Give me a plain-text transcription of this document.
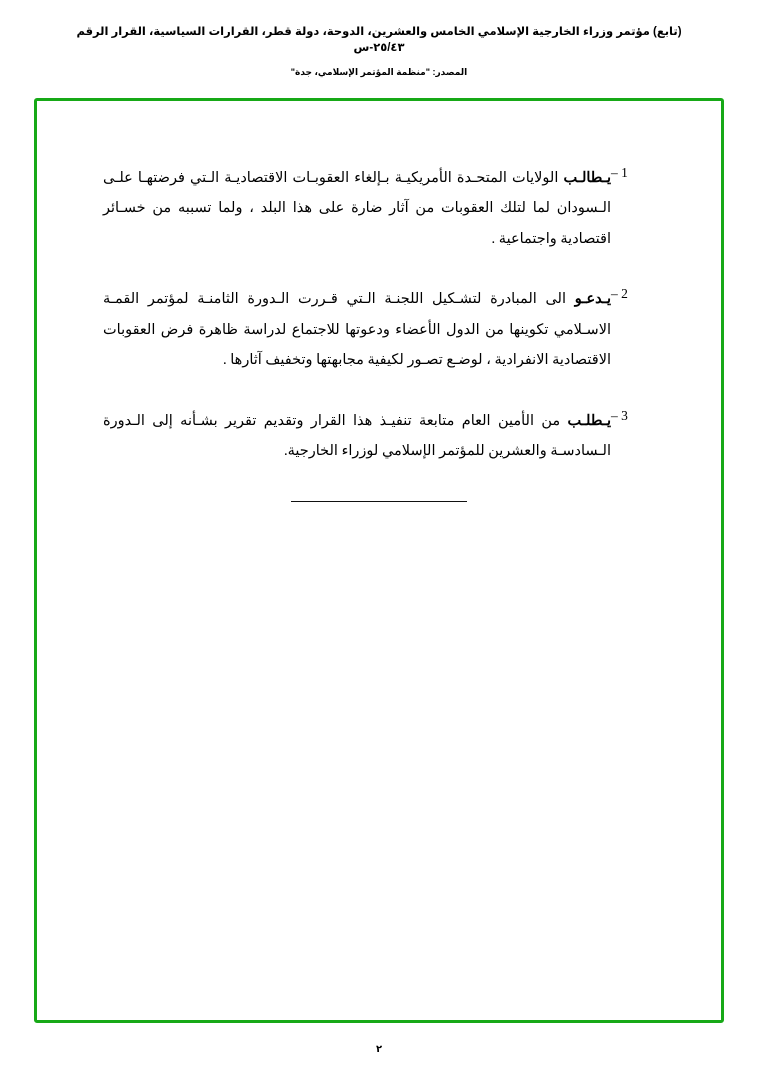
(تابع) مؤتمر وزراء الخارجية الإسلامي الخامس والعشرين، الدوحة، دولة قطر، القرارات السياسية، القرار الرقم ٢٥/٤٣-س
المصدر: "منظمة المؤتمر الإسلامي، جدة"
1 –
يـطالـب الولايات المتحـدة الأمريكيـة بـإلغاء العقوبـات الاقتصاديـة الـتي فرضتهـا علـى الـسودان لما لتلك العقوبات من آثار ضارة على هذا البلد ، ولما تسببه من خسـائر اقتصادية واجتماعية .
2 –
يـدعـو الى المبادرة لتشـكيل اللجنـة الـتي قـررت الـدورة الثامنـة لمؤتمر القمـة الاسـلامي تكوينها من الدول الأعضاء ودعوتها للاجتماع لدراسة ظاهرة فرض العقوبات الاقتصادية الانفرادية ، لوضـع تصـور لكيفية مجابهتها وتخفيف آثارها .
3 –
يـطلـب من الأمين العام متابعة تنفيـذ هذا القرار وتقديم تقرير بشـأنه إلى الـدورة الـسادسـة والعشرين للمؤتمر الإسلامي لوزراء الخارجية.
٢
